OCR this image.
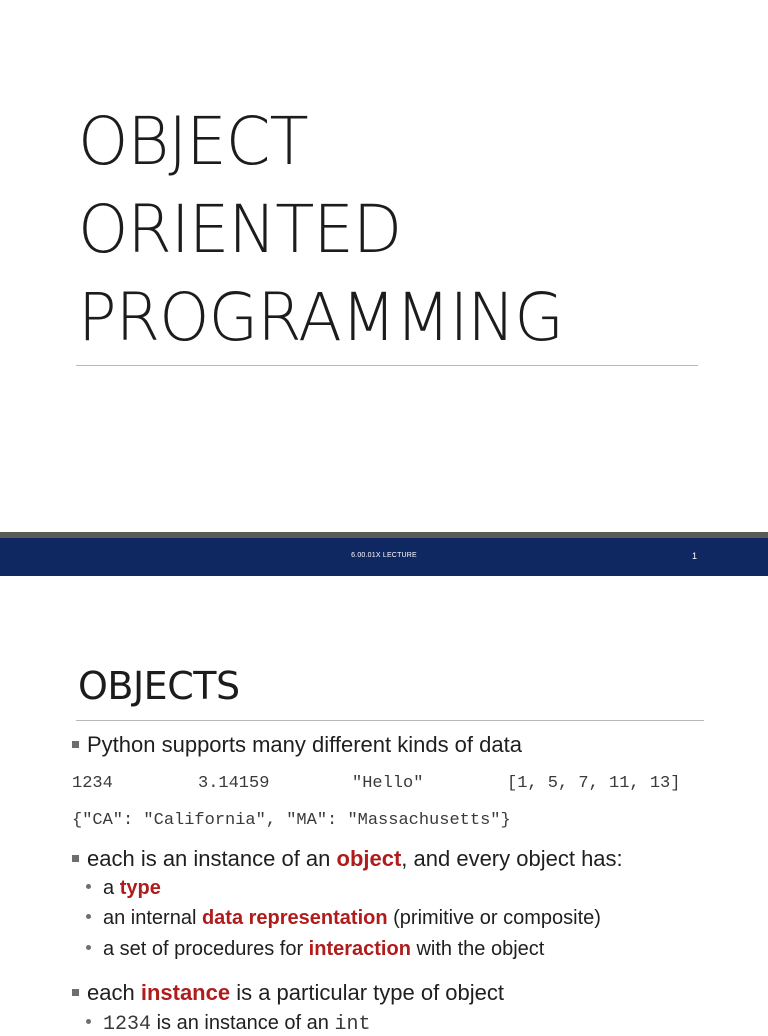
OBJECT
ORIENTED
PROGRAMMING
6.00.01X LECTURE	1
OBJECTS
Python supports many different kinds of data
1234	3.14159	"Hello"	[1, 5, 7, 11, 13]
{"CA": "California", "MA": "Massachusetts"}
each is an instance of an object, and every object has:
a type
an internal data representation (primitive or composite)
a set of procedures for interaction with the object
each instance is a particular type of object
1234 is an instance of an int
